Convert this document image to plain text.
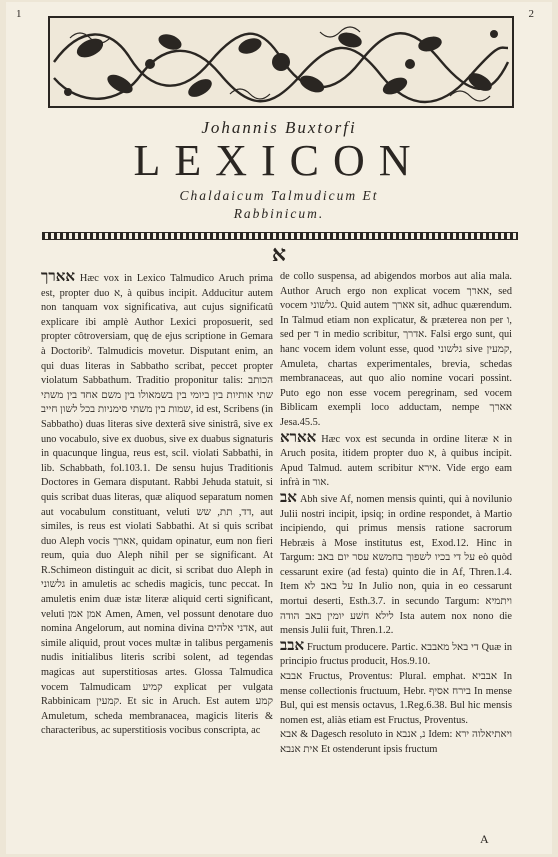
1	2
Johannis Buxtorfi
LEXICON
Chaldaicum Talmudicum Et
Rabbinicum.
א

אארך Hæc vox in Lexico Talmudico Aruch prima est, propter duo א, à quibus incipit. Adducitur autem non tanquam vox significativa, aut cujus significatû explicare ibi amplè Author Lexici proposuerit, sed propter côtroversiam, quę de ejus scriptione in Gemara à Doctoribˀ. Talmudicis movetur. Disputant enim, an qui duas literas in Sabbatho scribat, peccet propter violatum Sabbathum. Traditio proponitur talis: הכותב שתי אותיות בין ביומי בין בשמאולו בין משם אחד בין משתי שמות בין משתי סימניות בכל לשון חייב, id est, Scribens (in Sabbatho) duas literas sive dexterâ sive sinistrâ, sive ex uno vocabulo, sive ex duobus, sive ex duabus signaturis in quacunque lingua, reus est, scil. violati Sabbathi, in lib. Schabbath, fol.103.1. De sensu hujus Traditionis Doctores in Gemara disputant. Rabbi Jehuda statuit, si quis scribat duas literas, quæ aliquod separatum nomen aut vocabulum constituant, veluti דד, תת, שש, aut similes, is reus est violati Sabbathi. At si quis scribat duo Aleph vocis אארך, quidam opinatur, eum non fieri reum, quia duo Aleph nihil per se significant. At R.Schimeon distinguit ac dicit, si scribat duo Aleph in גלשוני in amuletis ac schedis magicis, tunc peccat. In amuletis enim duæ istæ literæ aliquid certi significant, veluti אמן אמן Amen, Amen, vel possunt denotare duo nomina Angelorum, aut nomina divina אדני אלהים, aut simile aliquid, prout voces multæ in talibus pergamenis nudis initialibus literis scribi solent, ad tegendas magicas aut superstitiosas artes. Glossa Talmudica vocem Talmudicam קמיע explicat per vulgata Rabbinicam קמעין. Et sic in Aruch. Est autem קמע Amuletum, scheda membranacea, magicis literis & characteribus, ac superstitiosis vocibus conscripta, ac

de collo suspensa, ad abigendos morbos aut alia mala. Author Aruch ergo non explicat vocem אארך, sed vocem גלשוני. Quid autem אארך sit, adhuc quærendum. In Talmud etiam non explicatur, & præterea non per ו, sed per ד in medio scribitur, אדרך. Falsi ergo sunt, qui hanc vocem idem volunt esse, quod גלשוני sive קמעין, Amuleta, chartas experimentales, brevia, schedas membranaceas, aut quo alio nomine vocari possint. Puto ego non esse vocem peregrinam, sed vocem Biblicam exempli loco adductam, nempe אארך Jesa.45.5.

אארא Hæc vox est secunda in ordine literæ א in Aruch posita, itidem propter duo א, à quibus incipit. Apud Talmud. autem scribitur אירא. Vide ergo eam infrà in אור.

אב Abh sive Af, nomen mensis quinti, qui à novilunio Julii nostri incipit, ipsiq; in ordine respondet, à Martio incipiendo, qui primus mensis ratione sacrorum Hebræis à Mose institutus est, Exod.12. Hinc in Targum: על די בכיו לשפוך בחמשא עסר יום באב eò quòd cessarunt exire (ad festa) quinto die in Af, Thren.1.4. Item על באב לא In Julio non, quia in eo cessarunt mortui deserti, Esth.3.7. in secundo Targum: ויתמיא לילא חשׁע יומין באב הודה Ista autem nox nono die mensis Julii fuit, Thren.1.2.

אבב Fructum producere. Partic. די באל מאבבא Quæ in principio fructus producit, Hos.9.10.

אבבא Fructus, Proventus: Plural. emphat. אבביא In mense collectionis fructuum, Hebr. בירח אסיף In mense Bul, qui est mensis octavus, 1.Reg.6.38. Bul hic mensis nomen est, aliàs etiam est Fructus, Proventus.

אבא & Dagesch resoluto in נ, אנבא Idem: ויאתיאלוה ירא אית אנבא Et ostenderunt ipsis fructum

A
